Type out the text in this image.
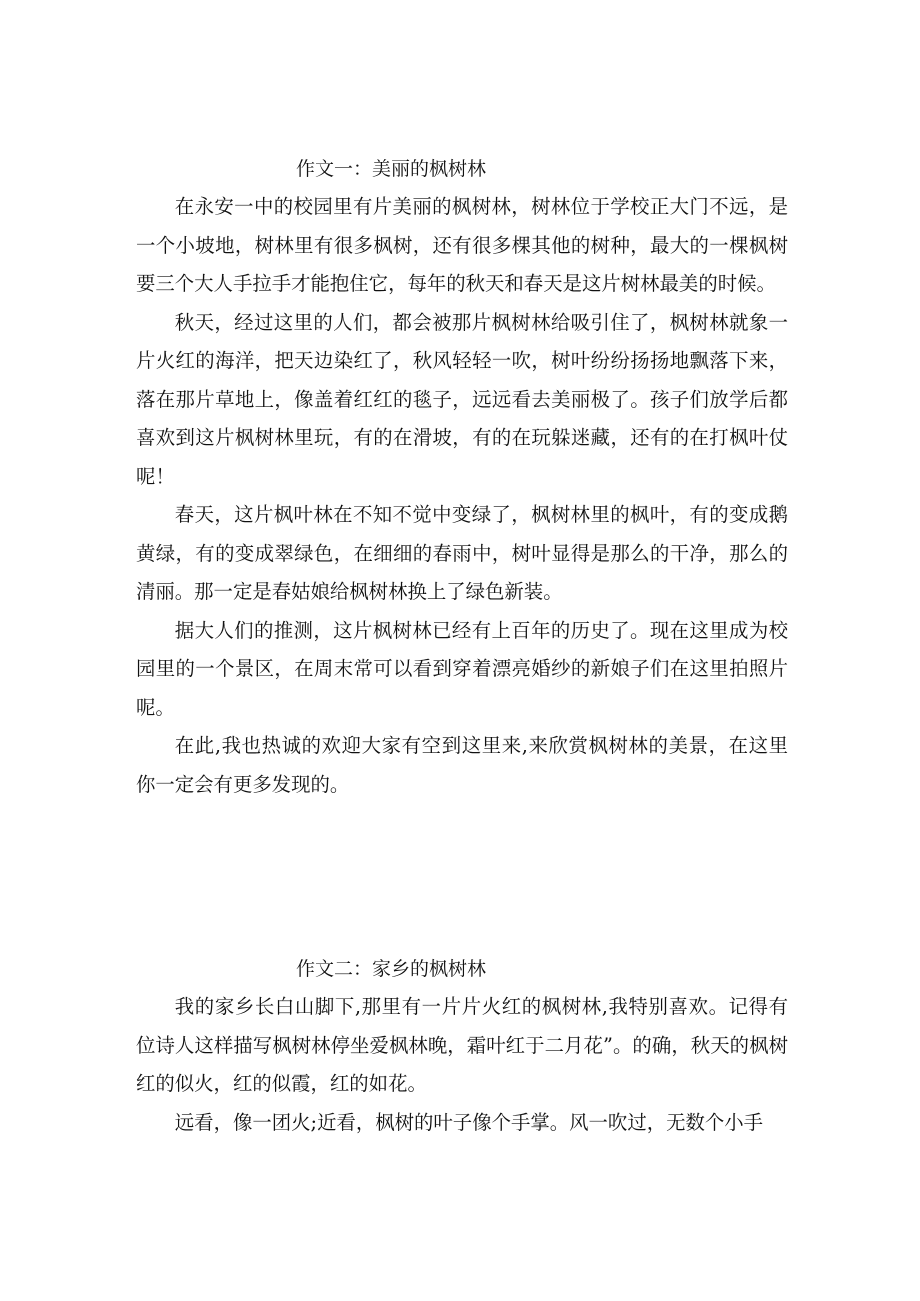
作文一：美丽的枫树林

在永安一中的校园里有片美丽的枫树林，树林位于学校正大门不远，是一个小坡地，树林里有很多枫树，还有很多棵其他的树种，最大的一棵枫树要三个大人手拉手才能抱住它，每年的秋天和春天是这片树林最美的时候。

秋天，经过这里的人们，都会被那片枫树林给吸引住了，枫树林就象一片火红的海洋，把天边染红了，秋风轻轻一吹，树叶纷纷扬扬地飘落下来，落在那片草地上，像盖着红红的毯子，远远看去美丽极了。孩子们放学后都喜欢到这片枫树林里玩，有的在滑坡，有的在玩躲迷藏，还有的在打枫叶仗呢！

春天，这片枫叶林在不知不觉中变绿了，枫树林里的枫叶，有的变成鹅黄绿，有的变成翠绿色，在细细的春雨中，树叶显得是那么的干净，那么的清丽。那一定是春姑娘给枫树林换上了绿色新装。

据大人们的推测，这片枫树林已经有上百年的历史了。现在这里成为校园里的一个景区，在周末常可以看到穿着漂亮婚纱的新娘子们在这里拍照片呢。

在此,我也热诚的欢迎大家有空到这里来,来欣赏枫树林的美景，在这里你一定会有更多发现的。

作文二：家乡的枫树林

我的家乡长白山脚下,那里有一片片火红的枫树林,我特别喜欢。记得有位诗人这样描写枫树林停坐爱枫林晚，霜叶红于二月花”。的确，秋天的枫树红的似火，红的似霞，红的如花。

远看，像一团火;近看，枫树的叶子像个手掌。风一吹过，无数个小手
